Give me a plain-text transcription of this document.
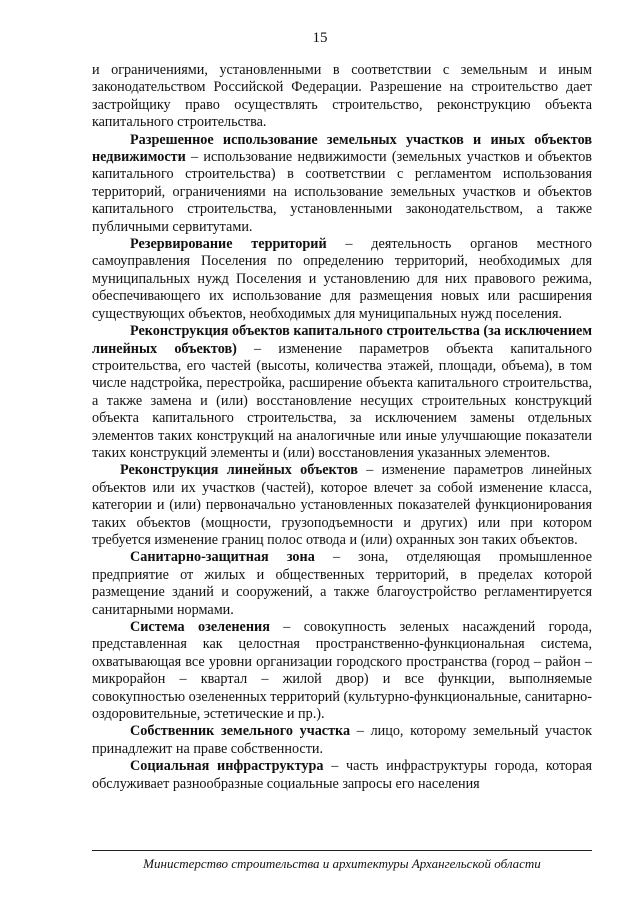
15

и ограничениями, установленными в соответствии с земельным и иным законодательством Российской Федерации. Разрешение на строительство дает застройщику право осуществлять строительство, реконструкцию объекта капитального строительства.

Разрешенное использование земельных участков и иных объектов недвижимости – использование недвижимости (земельных участков и объектов капитального строительства) в соответствии с регламентом использования территорий, ограничениями на использование земельных участков и объектов капитального строительства, установленными законодательством, а также публичными сервитутами.

Резервирование территорий – деятельность органов местного самоуправления Поселения по определению территорий, необходимых для муниципальных нужд Поселения и установлению для них правового режима, обеспечивающего их использование для размещения новых или расширения существующих объектов, необходимых для муниципальных нужд поселения.

Реконструкция объектов капитального строительства (за исключением линейных объектов) – изменение параметров объекта капитального строительства, его частей (высоты, количества этажей, площади, объема), в том числе надстройка, перестройка, расширение объекта капитального строительства, а также замена и (или) восстановление несущих строительных конструкций объекта капитального строительства, за исключением замены отдельных элементов таких конструкций на аналогичные или иные улучшающие показатели таких конструкций элементы и (или) восстановления указанных элементов.

Реконструкция линейных объектов – изменение параметров линейных объектов или их участков (частей), которое влечет за собой изменение класса, категории и (или) первоначально установленных показателей функционирования таких объектов (мощности, грузоподъемности и других) или при котором требуется изменение границ полос отвода и (или) охранных зон таких объектов.

Санитарно-защитная зона – зона, отделяющая промышленное предприятие от жилых и общественных территорий, в пределах которой размещение зданий и сооружений, а также благоустройство регламентируется санитарными нормами.

Система озеленения – совокупность зеленых насаждений города, представленная как целостная пространственно-функциональная система, охватывающая все уровни организации городского пространства (город – район – микрорайон – квартал – жилой двор) и все функции, выполняемые совокупностью озелененных территорий (культурно-функциональные, санитарно-оздоровительные, эстетические и пр.).

Собственник земельного участка – лицо, которому земельный участок принадлежит на праве собственности.

Социальная инфраструктура – часть инфраструктуры города, которая обслуживает разнообразные социальные запросы его населения

Министерство строительства и архитектуры Архангельской области
